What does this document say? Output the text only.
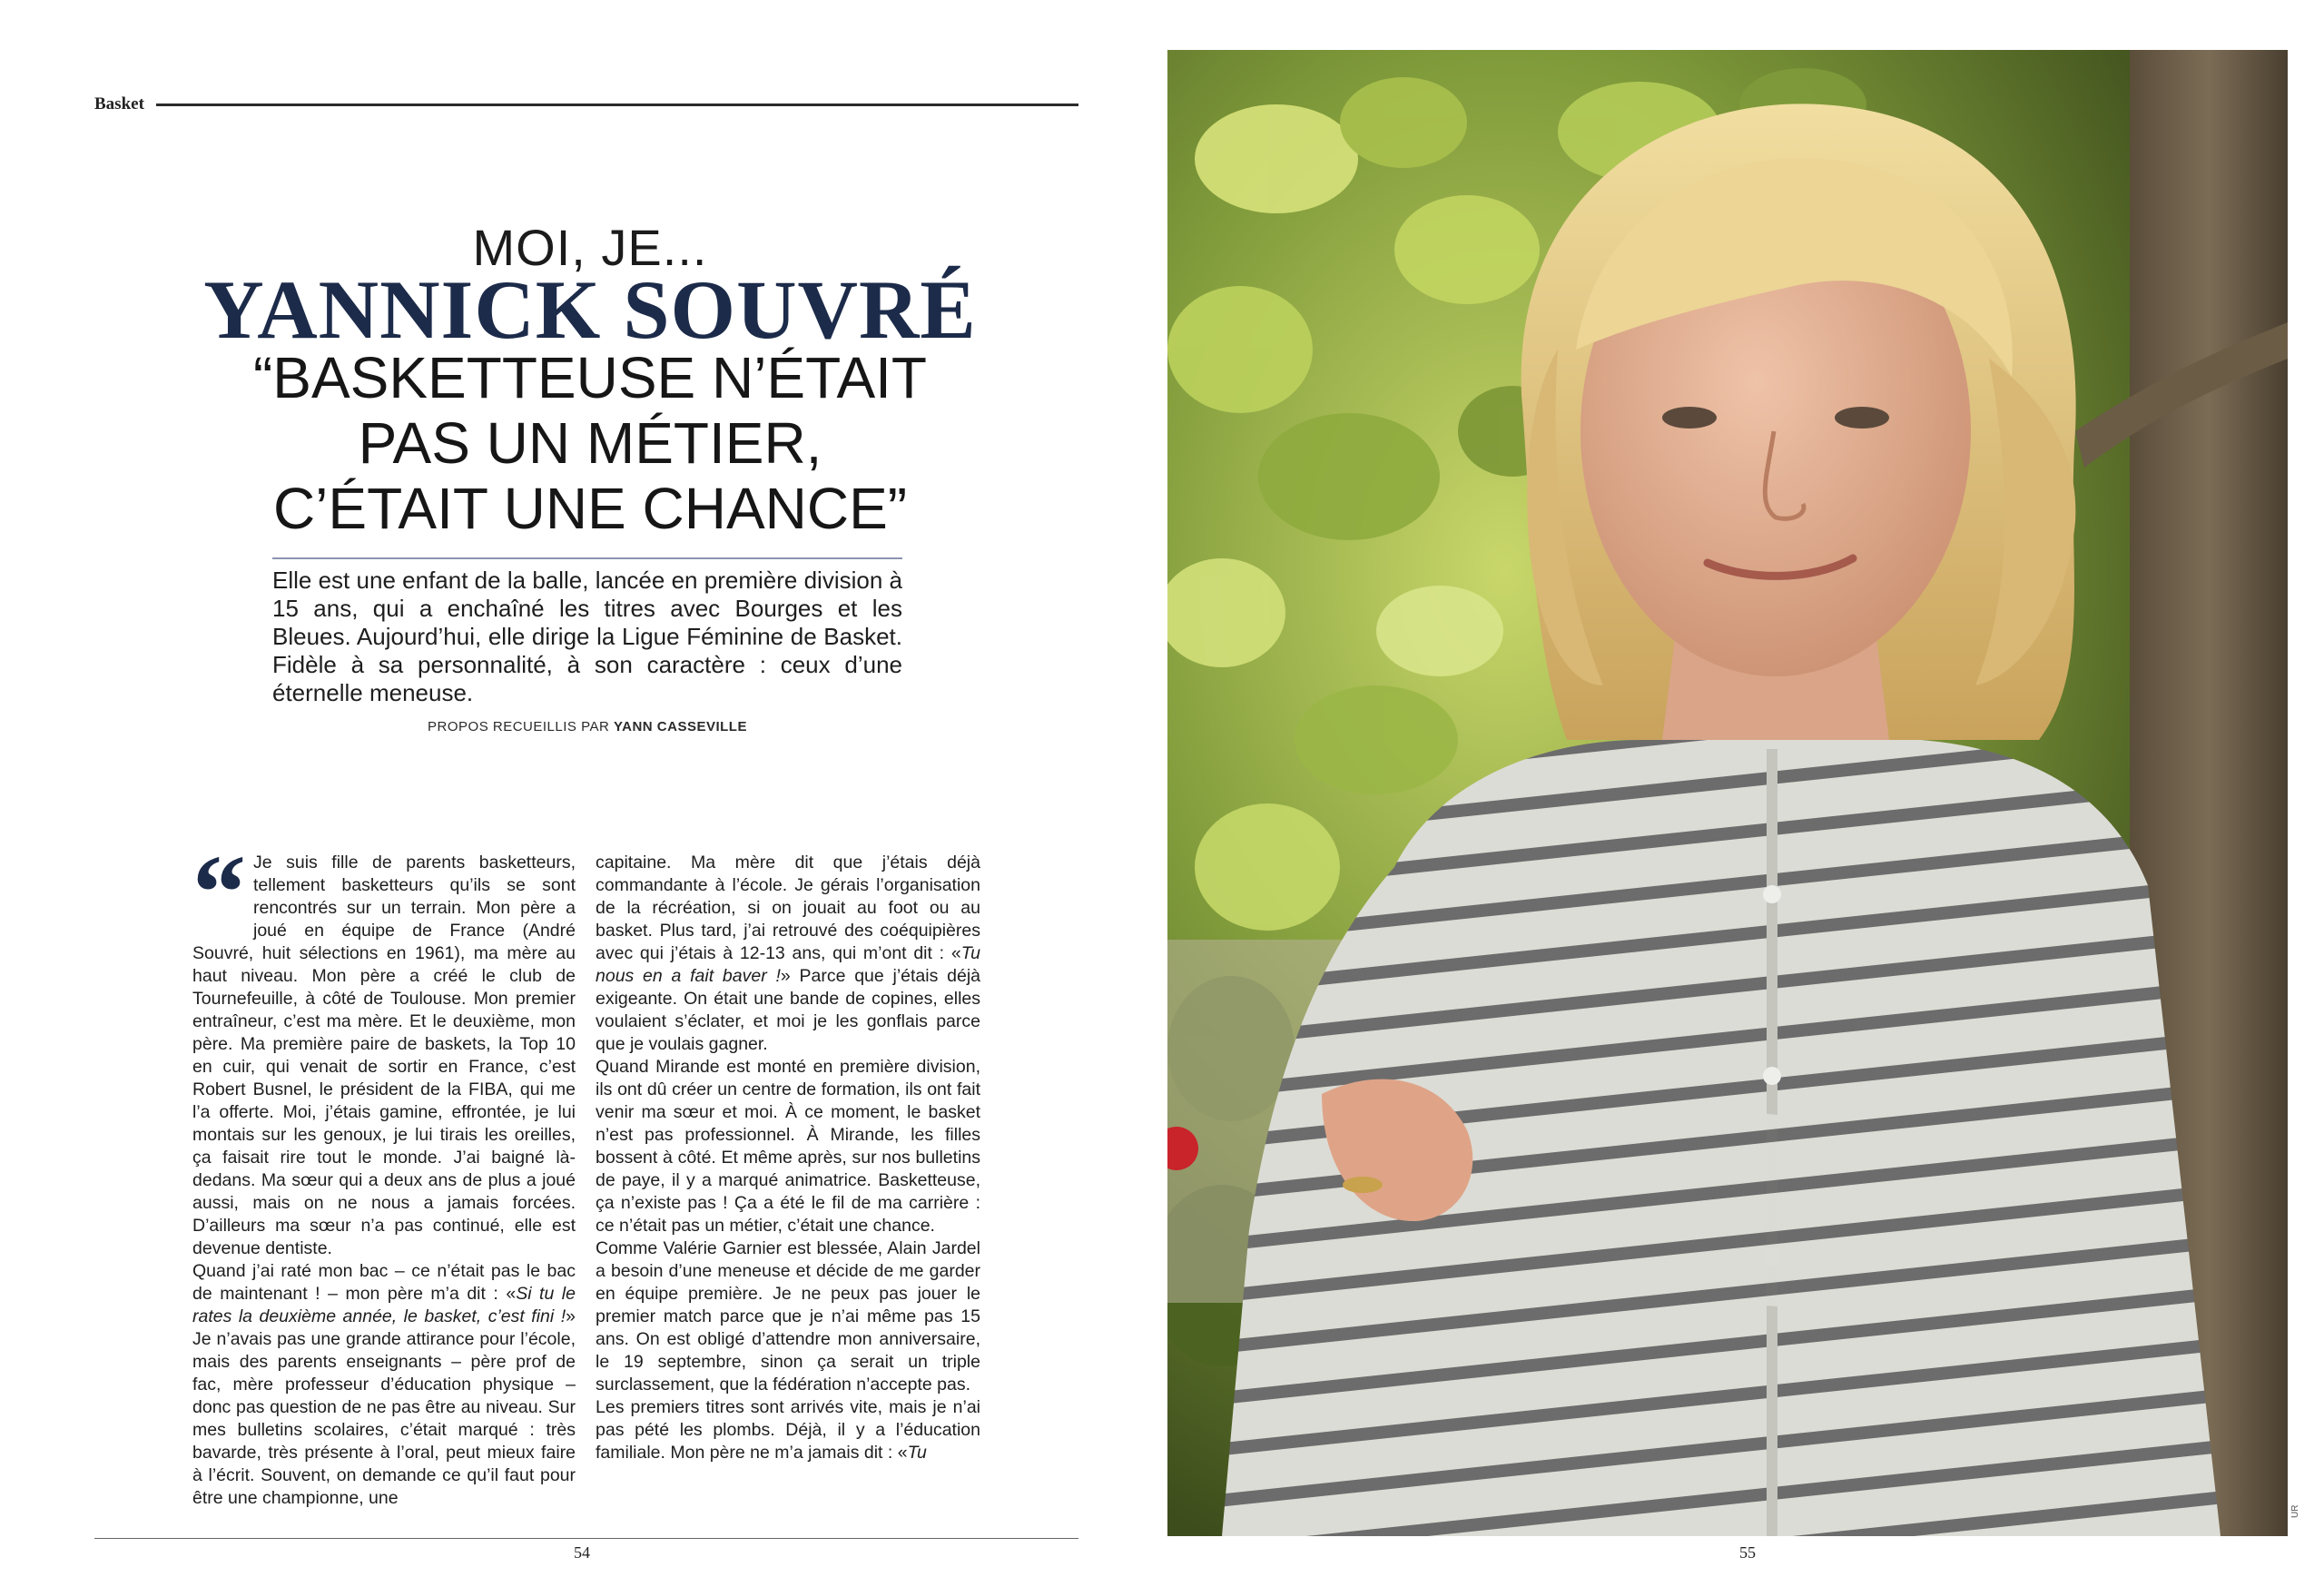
Basket
MOI, JE...
YANNICK SOUVRÉ
“BASKETTEUSE N’ÉTAIT
PAS UN MÉTIER,
C’ÉTAIT UNE CHANCE”
Elle est une enfant de la balle, lancée en première division à 15 ans, qui a enchaîné les titres avec Bourges et les Bleues. Aujourd’hui, elle dirige la Ligue Féminine de Basket. Fidèle à sa personnalité, à son caractère : ceux d’une éternelle meneuse.
PROPOS RECUEILLIS PAR YANN CASSEVILLE
“ Je suis fille de parents basketteurs, tellement basketteurs qu’ils se sont rencontrés sur un terrain. Mon père a joué en équipe de France (André Souvré, huit sélections en 1961), ma mère au haut niveau. Mon père a créé le club de Tournefeuille, à côté de Toulouse. Mon premier entraîneur, c’est ma mère. Et le deuxième, mon père. Ma première paire de baskets, la Top 10 en cuir, qui venait de sortir en France, c’est Robert Busnel, le président de la FIBA, qui me l’a offerte. Moi, j’étais gamine, effrontée, je lui montais sur les genoux, je lui tirais les oreilles, ça faisait rire tout le monde. J’ai baigné là-dedans. Ma sœur qui a deux ans de plus a joué aussi, mais on ne nous a jamais forcées. D’ailleurs ma sœur n’a pas continué, elle est devenue dentiste.

Quand j’ai raté mon bac – ce n’était pas le bac de maintenant ! – mon père m’a dit : «Si tu le rates la deuxième année, le basket, c’est fini !» Je n’avais pas une grande attirance pour l’école, mais des parents enseignants – père prof de fac, mère professeur d’éducation physique – donc pas question de ne pas être au niveau. Sur mes bulletins scolaires, c’était marqué : très bavarde, très présente à l’oral, peut mieux faire à l’écrit. Souvent, on demande ce qu’il faut pour être une championne, une

capitaine. Ma mère dit que j’étais déjà commandante à l’école. Je gérais l’organisation de la récréation, si on jouait au foot ou au basket. Plus tard, j’ai retrouvé des coéquipières avec qui j’étais à 12-13 ans, qui m’ont dit : «Tu nous en a fait baver !» Parce que j’étais déjà exigeante. On était une bande de copines, elles voulaient s’éclater, et moi je les gonflais parce que je voulais gagner.

Quand Mirande est monté en première division, ils ont dû créer un centre de formation, ils ont fait venir ma sœur et moi. À ce moment, le basket n’est pas professionnel. À Mirande, les filles bossent à côté. Et même après, sur nos bulletins de paye, il y a marqué animatrice. Basketteuse, ça n’existe pas ! Ça a été le fil de ma carrière : ce n’était pas un métier, c’était une chance.

Comme Valérie Garnier est blessée, Alain Jardel a besoin d’une meneuse et décide de me garder en équipe première. Je ne peux pas jouer le premier match parce que je n’ai même pas 15 ans. On est obligé d’attendre mon anniversaire, le 19 septembre, sinon ça serait un triple surclassement, que la fédération n’accepte pas.

Les premiers titres sont arrivés vite, mais je n’ai pas pété les plombs. Déjà, il y a l’éducation familiale. Mon père ne m’a jamais dit : «Tu

54	55
UR
